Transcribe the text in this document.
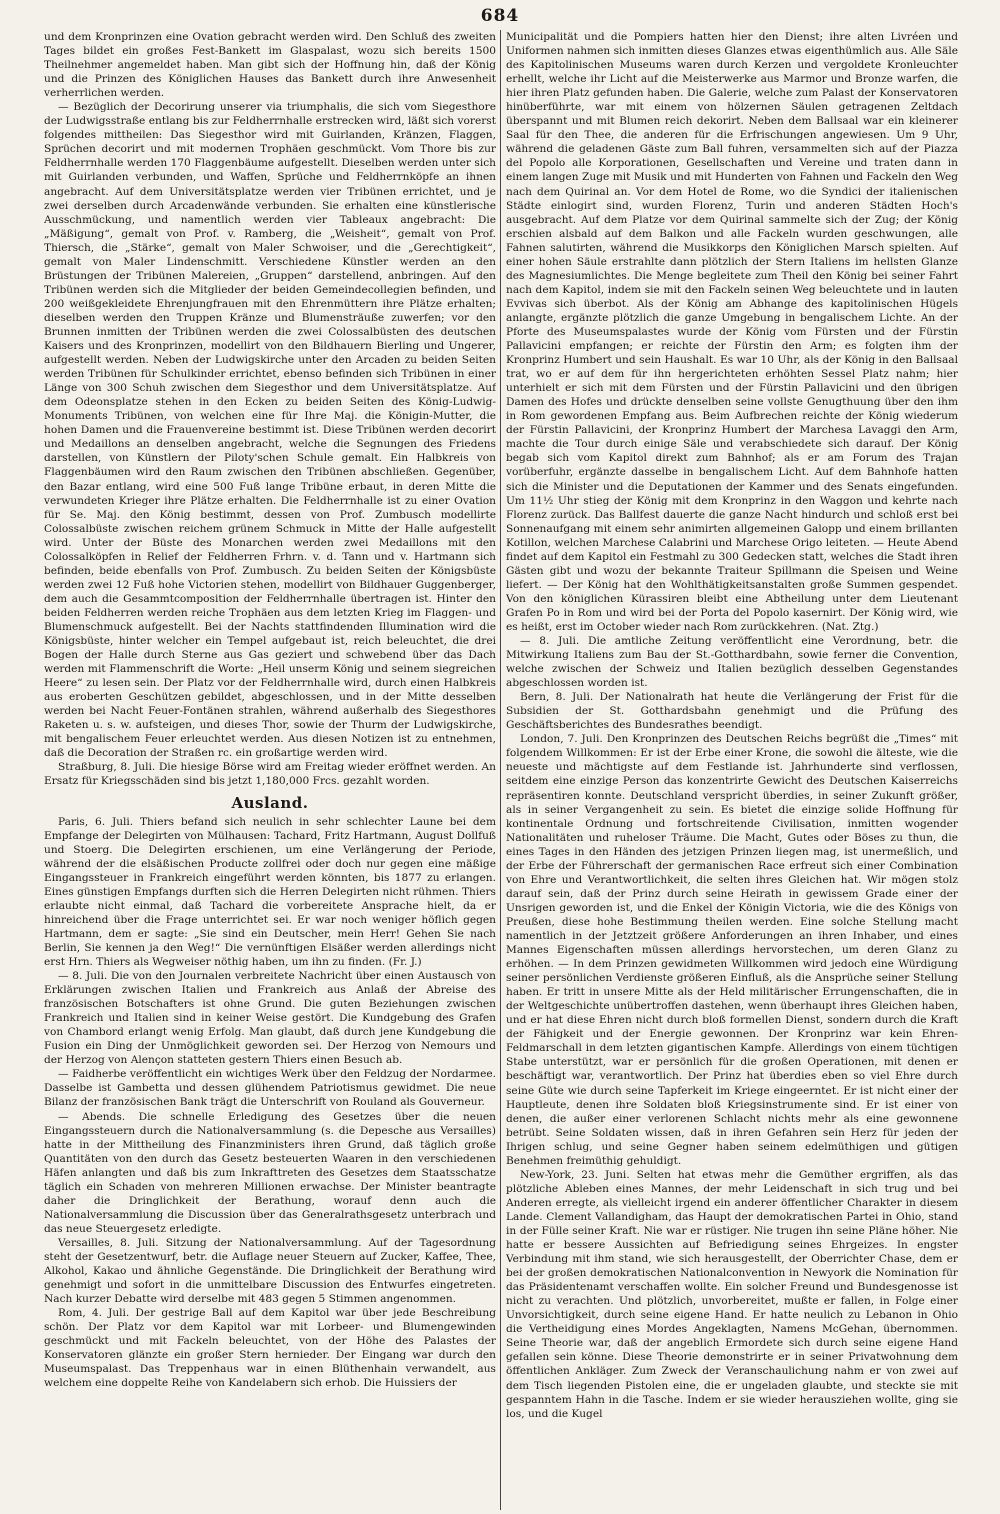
684

und dem Kronprinzen eine Ovation gebracht werden wird. Den Schluß des zweiten Tages bildet ein großes Fest-Bankett im Glaspalast, wozu sich bereits 1500 Theilnehmer angemeldet haben. Man gibt sich der Hoffnung hin, daß der König und die Prinzen des Königlichen Hauses das Bankett durch ihre Anwesenheit verherrlichen werden.

— Bezüglich der Decorirung unserer via triumphalis, die sich vom Siegesthore der Ludwigsstraße entlang bis zur Feldherrnhalle erstrecken wird, läßt sich vorerst folgendes mittheilen: Das Siegesthor wird mit Guirlanden, Kränzen, Flaggen, Sprüchen decorirt und mit modernen Trophäen geschmückt. Vom Thore bis zur Feldherrnhalle werden 170 Flaggenbäume aufgestellt. Dieselben werden unter sich mit Guirlanden verbunden, und Waffen, Sprüche und Feldherrnköpfe an ihnen angebracht. Auf dem Universitätsplatze werden vier Tribünen errichtet, und je zwei derselben durch Arcadenwände verbunden. Sie erhalten eine künstlerische Ausschmückung, und namentlich werden vier Tableaux angebracht: Die „Mäßigung“, gemalt von Prof. v. Ramberg, die „Weisheit“, gemalt von Prof. Thiersch, die „Stärke“, gemalt von Maler Schwoiser, und die „Gerechtigkeit“, gemalt von Maler Lindenschmitt. Verschiedene Künstler werden an den Brüstungen der Tribünen Malereien, „Gruppen“ darstellend, anbringen. Auf den Tribünen werden sich die Mitglieder der beiden Gemeindecollegien befinden, und 200 weißgekleidete Ehrenjungfrauen mit den Ehrenmüttern ihre Plätze erhalten; dieselben werden den Truppen Kränze und Blumensträuße zuwerfen; vor den Brunnen inmitten der Tribünen werden die zwei Colossalbüsten des deutschen Kaisers und des Kronprinzen, modellirt von den Bildhauern Bierling und Ungerer, aufgestellt werden. Neben der Ludwigskirche unter den Arcaden zu beiden Seiten werden Tribünen für Schulkinder errichtet, ebenso befinden sich Tribünen in einer Länge von 300 Schuh zwischen dem Siegesthor und dem Universitätsplatze. Auf dem Odeonsplatze stehen in den Ecken zu beiden Seiten des König-Ludwig-Monuments Tribünen, von welchen eine für Ihre Maj. die Königin-Mutter, die hohen Damen und die Frauenvereine bestimmt ist. Diese Tribünen werden decorirt und Medaillons an denselben angebracht, welche die Segnungen des Friedens darstellen, von Künstlern der Piloty'schen Schule gemalt. Ein Halbkreis von Flaggenbäumen wird den Raum zwischen den Tribünen abschließen. Gegenüber, den Bazar entlang, wird eine 500 Fuß lange Tribüne erbaut, in deren Mitte die verwundeten Krieger ihre Plätze erhalten. Die Feldherrnhalle ist zu einer Ovation für Se. Maj. den König bestimmt, dessen von Prof. Zumbusch modellirte Colossalbüste zwischen reichem grünem Schmuck in Mitte der Halle aufgestellt wird. Unter der Büste des Monarchen werden zwei Medaillons mit den Colossalköpfen in Relief der Feldherren Frhrn. v. d. Tann und v. Hartmann sich befinden, beide ebenfalls von Prof. Zumbusch. Zu beiden Seiten der Königsbüste werden zwei 12 Fuß hohe Victorien stehen, modellirt von Bildhauer Guggenberger, dem auch die Gesammtcomposition der Feldherrnhalle übertragen ist. Hinter den beiden Feldherren werden reiche Trophäen aus dem letzten Krieg im Flaggen- und Blumenschmuck aufgestellt. Bei der Nachts stattfindenden Illumination wird die Königsbüste, hinter welcher ein Tempel aufgebaut ist, reich beleuchtet, die drei Bogen der Halle durch Sterne aus Gas geziert und schwebend über das Dach werden mit Flammenschrift die Worte: „Heil unserm König und seinem siegreichen Heere“ zu lesen sein. Der Platz vor der Feldherrnhalle wird, durch einen Halbkreis aus eroberten Geschützen gebildet, abgeschlossen, und in der Mitte desselben werden bei Nacht Feuer-Fontänen strahlen, während außerhalb des Siegesthores Raketen u. s. w. aufsteigen, und dieses Thor, sowie der Thurm der Ludwigskirche, mit bengalischem Feuer erleuchtet werden. Aus diesen Notizen ist zu entnehmen, daß die Decoration der Straßen rc. ein großartige werden wird.

Straßburg, 8. Juli. Die hiesige Börse wird am Freitag wieder eröffnet werden. An Ersatz für Kriegsschäden sind bis jetzt 1,180,000 Frcs. gezahlt worden.

Ausland.

Paris, 6. Juli. Thiers befand sich neulich in sehr schlechter Laune bei dem Empfange der Delegirten von Mülhausen: Tachard, Fritz Hartmann, August Dollfuß und Stoerg. Die Delegirten erschienen, um eine Verlängerung der Periode, während der die elsäßischen Producte zollfrei oder doch nur gegen eine mäßige Eingangssteuer in Frankreich eingeführt werden könnten, bis 1877 zu erlangen. Eines günstigen Empfangs durften sich die Herren Delegirten nicht rühmen. Thiers erlaubte nicht einmal, daß Tachard die vorbereitete Ansprache hielt, da er hinreichend über die Frage unterrichtet sei. Er war noch weniger höflich gegen Hartmann, dem er sagte: „Sie sind ein Deutscher, mein Herr! Gehen Sie nach Berlin, Sie kennen ja den Weg!“ Die vernünftigen Elsäßer werden allerdings nicht erst Hrn. Thiers als Wegweiser nöthig haben, um ihn zu finden. (Fr. J.)

— 8. Juli. Die von den Journalen verbreitete Nachricht über einen Austausch von Erklärungen zwischen Italien und Frankreich aus Anlaß der Abreise des französischen Botschafters ist ohne Grund. Die guten Beziehungen zwischen Frankreich und Italien sind in keiner Weise gestört. Die Kundgebung des Grafen von Chambord erlangt wenig Erfolg. Man glaubt, daß durch jene Kundgebung die Fusion ein Ding der Unmöglichkeit geworden sei. Der Herzog von Nemours und der Herzog von Alençon statteten gestern Thiers einen Besuch ab.

— Faidherbe veröffentlicht ein wichtiges Werk über den Feldzug der Nordarmee. Dasselbe ist Gambetta und dessen glühendem Patriotismus gewidmet. Die neue Bilanz der französischen Bank trägt die Unterschrift von Rouland als Gouverneur.

— Abends. Die schnelle Erledigung des Gesetzes über die neuen Eingangssteuern durch die Nationalversammlung (s. die Depesche aus Versailles) hatte in der Mittheilung des Finanzministers ihren Grund, daß täglich große Quantitäten von den durch das Gesetz besteuerten Waaren in den verschiedenen Häfen anlangten und daß bis zum Inkrafttreten des Gesetzes dem Staatsschatze täglich ein Schaden von mehreren Millionen erwachse. Der Minister beantragte daher die Dringlichkeit der Berathung, worauf denn auch die Nationalversammlung die Discussion über das Generalrathsgesetz unterbrach und das neue Steuergesetz erledigte.

Versailles, 8. Juli. Sitzung der Nationalversammlung. Auf der Tagesordnung steht der Gesetzentwurf, betr. die Auflage neuer Steuern auf Zucker, Kaffee, Thee, Alkohol, Kakao und ähnliche Gegenstände. Die Dringlichkeit der Berathung wird genehmigt und sofort in die unmittelbare Discussion des Entwurfes eingetreten. Nach kurzer Debatte wird derselbe mit 483 gegen 5 Stimmen angenommen.

Rom, 4. Juli. Der gestrige Ball auf dem Kapitol war über jede Beschreibung schön. Der Platz vor dem Kapitol war mit Lorbeer- und Blumengewinden geschmückt und mit Fackeln beleuchtet, von der Höhe des Palastes der Konservatoren glänzte ein großer Stern hernieder. Der Eingang war durch den Museumspalast. Das Treppenhaus war in einen Blüthenhain verwandelt, aus welchem eine doppelte Reihe von Kandelabern sich erhob. Die Huissiers der

Municipalität und die Pompiers hatten hier den Dienst; ihre alten Livréen und Uniformen nahmen sich inmitten dieses Glanzes etwas eigenthümlich aus. Alle Säle des Kapitolinischen Museums waren durch Kerzen und vergoldete Kronleuchter erhellt, welche ihr Licht auf die Meisterwerke aus Marmor und Bronze warfen, die hier ihren Platz gefunden haben. Die Galerie, welche zum Palast der Konservatoren hinüberführte, war mit einem von hölzernen Säulen getragenen Zeltdach überspannt und mit Blumen reich dekorirt. Neben dem Ballsaal war ein kleinerer Saal für den Thee, die anderen für die Erfrischungen angewiesen. Um 9 Uhr, während die geladenen Gäste zum Ball fuhren, versammelten sich auf der Piazza del Popolo alle Korporationen, Gesellschaften und Vereine und traten dann in einem langen Zuge mit Musik und mit Hunderten von Fahnen und Fackeln den Weg nach dem Quirinal an. Vor dem Hotel de Rome, wo die Syndici der italienischen Städte einlogirt sind, wurden Florenz, Turin und anderen Städten Hoch's ausgebracht. Auf dem Platze vor dem Quirinal sammelte sich der Zug; der König erschien alsbald auf dem Balkon und alle Fackeln wurden geschwungen, alle Fahnen salutirten, während die Musikkorps den Königlichen Marsch spielten. Auf einer hohen Säule erstrahlte dann plötzlich der Stern Italiens im hellsten Glanze des Magnesiumlichtes. Die Menge begleitete zum Theil den König bei seiner Fahrt nach dem Kapitol, indem sie mit den Fackeln seinen Weg beleuchtete und in lauten Evvivas sich überbot. Als der König am Abhange des kapitolinischen Hügels anlangte, ergänzte plötzlich die ganze Umgebung in bengalischem Lichte. An der Pforte des Museumspalastes wurde der König vom Fürsten und der Fürstin Pallavicini empfangen; er reichte der Fürstin den Arm; es folgten ihm der Kronprinz Humbert und sein Haushalt. Es war 10 Uhr, als der König in den Ballsaal trat, wo er auf dem für ihn hergerichteten erhöhten Sessel Platz nahm; hier unterhielt er sich mit dem Fürsten und der Fürstin Pallavicini und den übrigen Damen des Hofes und drückte denselben seine vollste Genugthuung über den ihm in Rom gewordenen Empfang aus. Beim Aufbrechen reichte der König wiederum der Fürstin Pallavicini, der Kronprinz Humbert der Marchesa Lavaggi den Arm, machte die Tour durch einige Säle und verabschiedete sich darauf. Der König begab sich vom Kapitol direkt zum Bahnhof; als er am Forum des Trajan vorüberfuhr, ergänzte dasselbe in bengalischem Licht. Auf dem Bahnhofe hatten sich die Minister und die Deputationen der Kammer und des Senats eingefunden. Um 11½ Uhr stieg der König mit dem Kronprinz in den Waggon und kehrte nach Florenz zurück. Das Ballfest dauerte die ganze Nacht hindurch und schloß erst bei Sonnenaufgang mit einem sehr animirten allgemeinen Galopp und einem brillanten Kotillon, welchen Marchese Calabrini und Marchese Origo leiteten. — Heute Abend findet auf dem Kapitol ein Festmahl zu 300 Gedecken statt, welches die Stadt ihren Gästen gibt und wozu der bekannte Traiteur Spillmann die Speisen und Weine liefert. — Der König hat den Wohlthätigkeitsanstalten große Summen gespendet. Von den königlichen Kürassiren bleibt eine Abtheilung unter dem Lieutenant Grafen Po in Rom und wird bei der Porta del Popolo kasernirt. Der König wird, wie es heißt, erst im October wieder nach Rom zurückkehren. (Nat. Ztg.)

— 8. Juli. Die amtliche Zeitung veröffentlicht eine Verordnung, betr. die Mitwirkung Italiens zum Bau der St.-Gotthardbahn, sowie ferner die Convention, welche zwischen der Schweiz und Italien bezüglich desselben Gegenstandes abgeschlossen worden ist.

Bern, 8. Juli. Der Nationalrath hat heute die Verlängerung der Frist für die Subsidien der St. Gotthardsbahn genehmigt und die Prüfung des Geschäftsberichtes des Bundesrathes beendigt.

London, 7. Juli. Den Kronprinzen des Deutschen Reichs begrüßt die „Times“ mit folgendem Willkommen: Er ist der Erbe einer Krone, die sowohl die älteste, wie die neueste und mächtigste auf dem Festlande ist. Jahrhunderte sind verflossen, seitdem eine einzige Person das konzentrirte Gewicht des Deutschen Kaiserreichs repräsentiren konnte. Deutschland verspricht überdies, in seiner Zukunft größer, als in seiner Vergangenheit zu sein. Es bietet die einzige solide Hoffnung für kontinentale Ordnung und fortschreitende Civilisation, inmitten wogender Nationalitäten und ruheloser Träume. Die Macht, Gutes oder Böses zu thun, die eines Tages in den Händen des jetzigen Prinzen liegen mag, ist unermeßlich, und der Erbe der Führerschaft der germanischen Race erfreut sich einer Combination von Ehre und Verantwortlichkeit, die selten ihres Gleichen hat. Wir mögen stolz darauf sein, daß der Prinz durch seine Heirath in gewissem Grade einer der Unsrigen geworden ist, und die Enkel der Königin Victoria, wie die des Königs von Preußen, diese hohe Bestimmung theilen werden. Eine solche Stellung macht namentlich in der Jetztzeit größere Anforderungen an ihren Inhaber, und eines Mannes Eigenschaften müssen allerdings hervorstechen, um deren Glanz zu erhöhen. — In dem Prinzen gewidmeten Willkommen wird jedoch eine Würdigung seiner persönlichen Verdienste größeren Einfluß, als die Ansprüche seiner Stellung haben. Er tritt in unsere Mitte als der Held militärischer Errungenschaften, die in der Weltgeschichte unübertroffen dastehen, wenn überhaupt ihres Gleichen haben, und er hat diese Ehren nicht durch bloß formellen Dienst, sondern durch die Kraft der Fähigkeit und der Energie gewonnen. Der Kronprinz war kein Ehren-Feldmarschall in dem letzten gigantischen Kampfe. Allerdings von einem tüchtigen Stabe unterstützt, war er persönlich für die großen Operationen, mit denen er beschäftigt war, verantwortlich. Der Prinz hat überdies eben so viel Ehre durch seine Güte wie durch seine Tapferkeit im Kriege eingeerntet. Er ist nicht einer der Hauptleute, denen ihre Soldaten bloß Kriegsinstrumente sind. Er ist einer von denen, die außer einer verlorenen Schlacht nichts mehr als eine gewonnene betrübt. Seine Soldaten wissen, daß in ihren Gefahren sein Herz für jeden der Ihrigen schlug, und seine Gegner haben seinem edelmüthigen und gütigen Benehmen freimüthig gehuldigt.

New-York, 23. Juni. Selten hat etwas mehr die Gemüther ergriffen, als das plötzliche Ableben eines Mannes, der mehr Leidenschaft in sich trug und bei Anderen erregte, als vielleicht irgend ein anderer öffentlicher Charakter in diesem Lande. Clement Vallandigham, das Haupt der demokratischen Partei in Ohio, stand in der Fülle seiner Kraft. Nie war er rüstiger. Nie trugen ihn seine Pläne höher. Nie hatte er bessere Aussichten auf Befriedigung seines Ehrgeizes. In engster Verbindung mit ihm stand, wie sich herausgestellt, der Oberrichter Chase, dem er bei der großen demokratischen Nationalconvention in Newyork die Nomination für das Präsidentenamt verschaffen wollte. Ein solcher Freund und Bundesgenosse ist nicht zu verachten. Und plötzlich, unvorbereitet, mußte er fallen, in Folge einer Unvorsichtigkeit, durch seine eigene Hand. Er hatte neulich zu Lebanon in Ohio die Vertheidigung eines Mordes Angeklagten, Namens McGehan, übernommen. Seine Theorie war, daß der angeblich Ermordete sich durch seine eigene Hand gefallen sein könne. Diese Theorie demonstrirte er in seiner Privatwohnung dem öffentlichen Ankläger. Zum Zweck der Veranschaulichung nahm er von zwei auf dem Tisch liegenden Pistolen eine, die er ungeladen glaubte, und steckte sie mit gespanntem Hahn in die Tasche. Indem er sie wieder herausziehen wollte, ging sie los, und die Kugel
